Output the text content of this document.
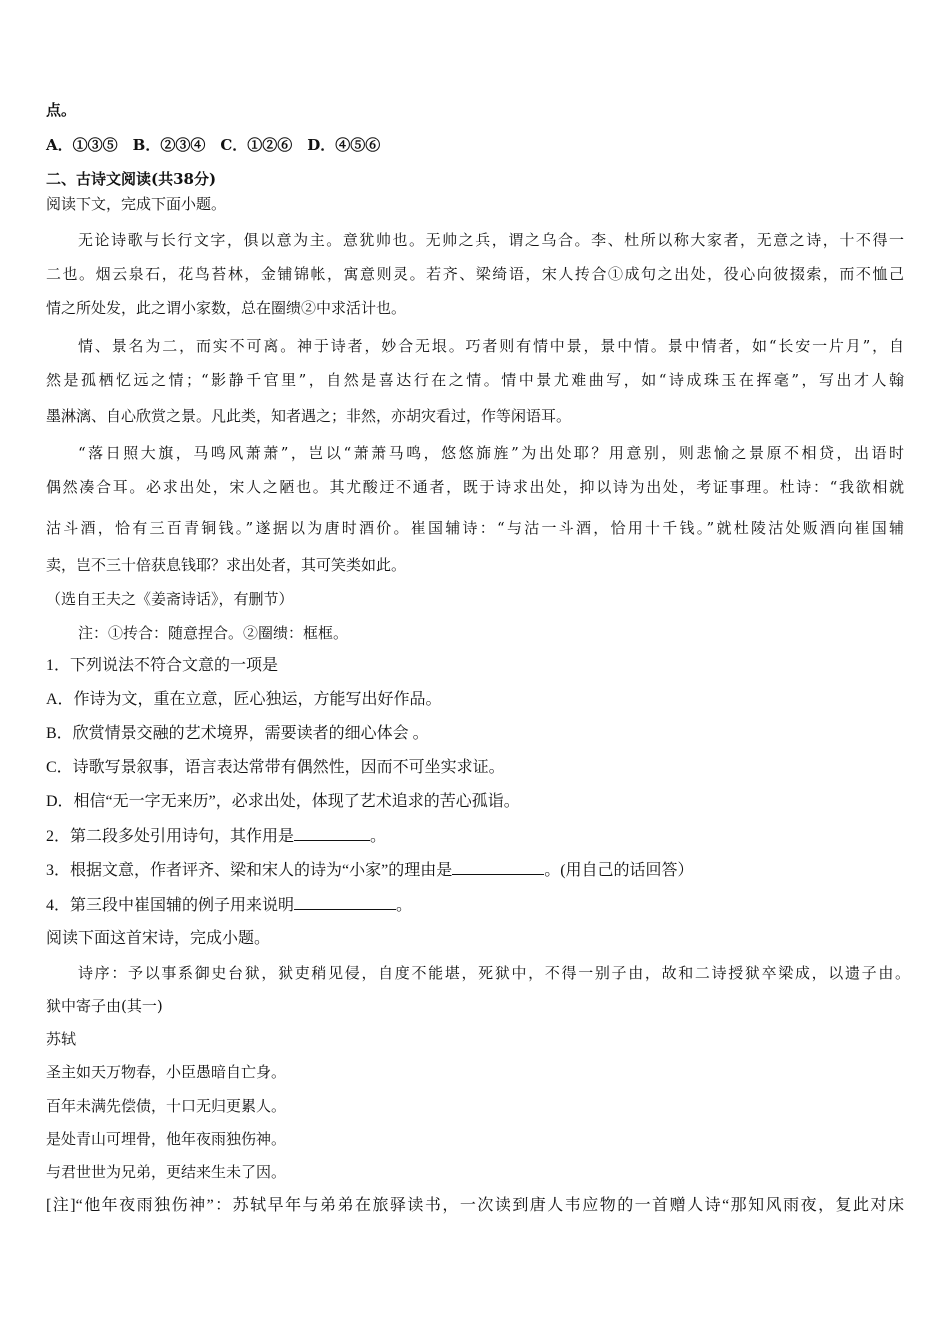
点。
A．①③⑤　B．②③④　C．①②⑥　D．④⑤⑥
二、古诗文阅读(共38分)
阅读下文，完成下面小题。
无论诗歌与长行文字，俱以意为主。意犹帅也。无帅之兵，谓之乌合。李、杜所以称大家者，无意之诗，十不得一
二也。烟云泉石，花鸟苔林，金铺锦帐，寓意则灵。若齐、梁绮语，宋人抟合①成句之出处，役心向彼掇索，而不恤己
情之所处发，此之谓小家数，总在圈缋②中求活计也。
情、景名为二，而实不可离。神于诗者，妙合无垠。巧者则有情中景，景中情。景中情者，如“长安一片月”，自
然是孤栖忆远之情；“影静千官里”，自然是喜达行在之情。情中景尤难曲写，如“诗成珠玉在挥毫”，写出才人翰
墨淋漓、自心欣赏之景。凡此类，知者遇之；非然，亦胡灾看过，作等闲语耳。
“落日照大旗，马鸣风萧萧”，岂以“萧萧马鸣，悠悠旆旌”为出处耶？用意别，则悲愉之景原不相贷，出语时
偶然凑合耳。必求出处，宋人之陋也。其尤酸迂不通者，既于诗求出处，抑以诗为出处，考证事理。杜诗：“我欲相就
沽斗酒，恰有三百青铜钱。”遂据以为唐时酒价。崔国辅诗：“与沽一斗酒，恰用十千钱。”就杜陵沽处贩酒向崔国辅
卖，岂不三十倍获息钱耶？求出处者，其可笑类如此。
（选自王夫之《姜斋诗话》，有删节）
注：①抟合：随意捏合。②圈缋：框框。
1．下列说法不符合文意的一项是
A．作诗为文，重在立意，匠心独运，方能写出好作品。
B．欣赏情景交融的艺术境界，需要读者的细心体会 。
C．诗歌写景叙事，语言表达常带有偶然性，因而不可坐实求证。
D．相信“无一字无来历”，必求出处，体现了艺术追求的苦心孤诣。
2．第二段多处引用诗句，其作用是	。
3．根据文意，作者评齐、梁和宋人的诗为“小家”的理由是	。(用自己的话回答）
4．第三段中崔国辅的例子用来说明	。
阅读下面这首宋诗，完成小题。
诗序：予以事系御史台狱，狱吏稍见侵，自度不能堪，死狱中，不得一别子由，故和二诗授狱卒梁成，以遗子由。
狱中寄子由(其一)
苏轼
圣主如天万物春，小臣愚暗自亡身。
百年未满先偿债，十口无归更累人。
是处青山可埋骨，他年夜雨独伤神。
与君世世为兄弟，更结来生未了因。
[注]“他年夜雨独伤神”：苏轼早年与弟弟在旅驿读书，一次读到唐人韦应物的一首赠人诗“那知风雨夜，复此对床
